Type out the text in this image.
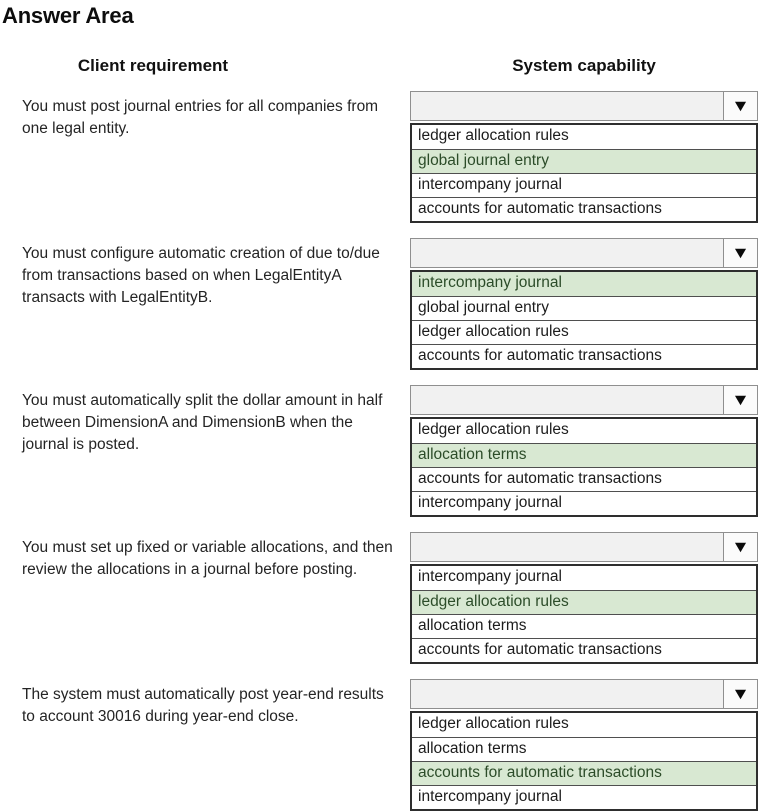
Answer Area
Client requirement	System capability
You must post journal entries for all companies from one legal entity.
▼
ledger allocation rules
global journal entry
intercompany journal
accounts for automatic transactions
You must configure automatic creation of due to/due from transactions based on when LegalEntityA transacts with LegalEntityB.
▼
intercompany journal
global journal entry
ledger allocation rules
accounts for automatic transactions
You must automatically split the dollar amount in half between DimensionA and DimensionB when the journal is posted.
▼
ledger allocation rules
allocation terms
accounts for automatic transactions
intercompany journal
You must set up fixed or variable allocations, and then review the allocations in a journal before posting.
▼
intercompany journal
ledger allocation rules
allocation terms
accounts for automatic transactions
The system must automatically post year-end results to account 30016 during year-end close.
▼
ledger allocation rules
allocation terms
accounts for automatic transactions
intercompany journal
